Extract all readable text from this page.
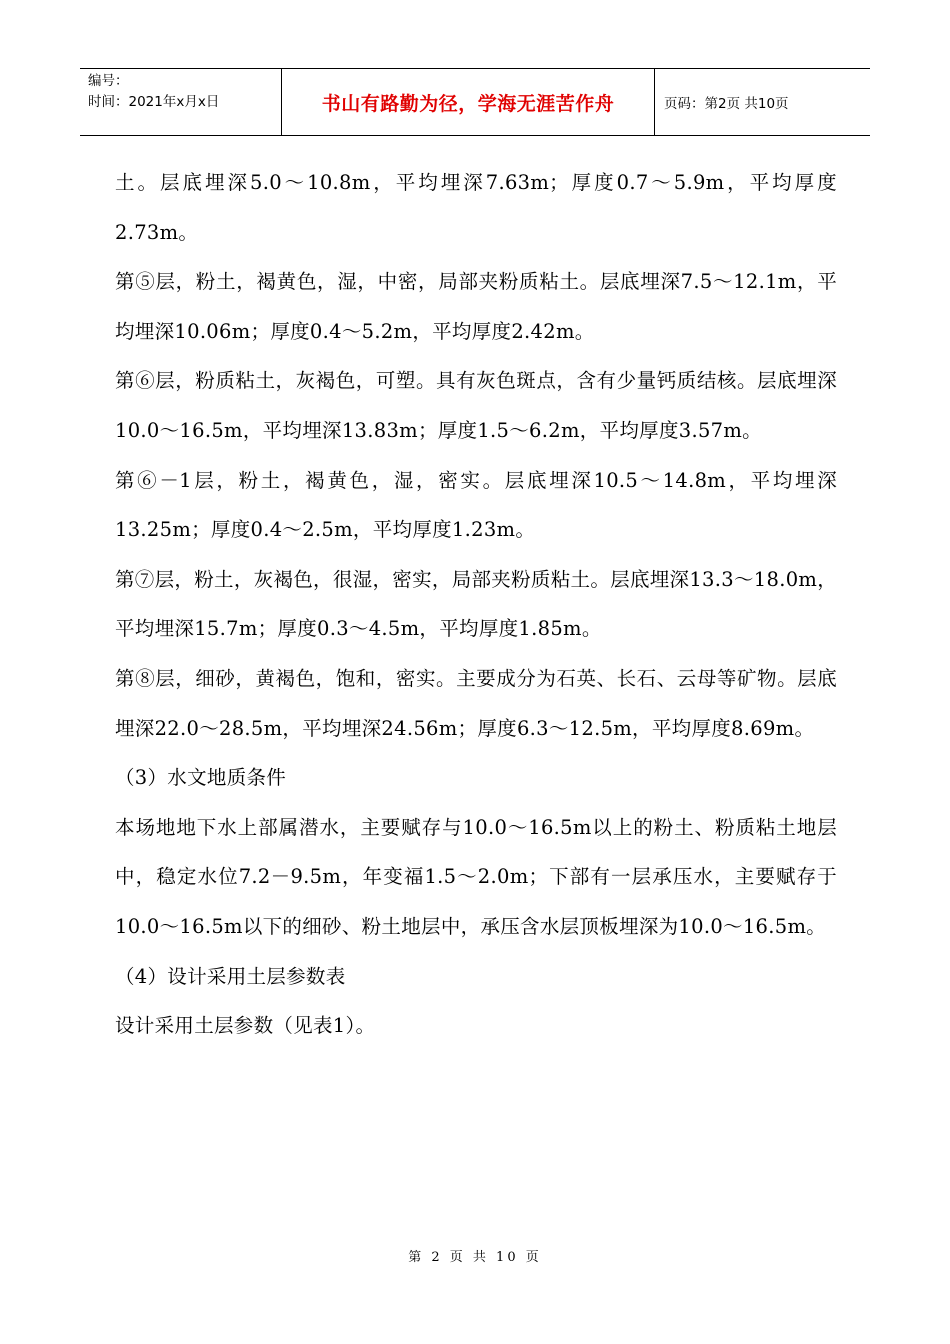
编号：
时间：2021年x月x日	书山有路勤为径，学海无涯苦作舟	页码：第2页 共10页

土。层底埋深5.0～10.8m，平均埋深7.63m；厚度0.7～5.9m，平均厚度2.73m。

第⑤层，粉土，褐黄色，湿，中密，局部夹粉质粘土。层底埋深7.5～12.1m，平均埋深10.06m；厚度0.4～5.2m，平均厚度2.42m。

第⑥层，粉质粘土，灰褐色，可塑。具有灰色斑点，含有少量钙质结核。层底埋深10.0～16.5m，平均埋深13.83m；厚度1.5～6.2m，平均厚度3.57m。

第⑥－1层，粉土，褐黄色，湿，密实。层底埋深10.5～14.8m，平均埋深13.25m；厚度0.4～2.5m，平均厚度1.23m。

第⑦层，粉土，灰褐色，很湿，密实，局部夹粉质粘土。层底埋深13.3～18.0m，平均埋深15.7m；厚度0.3～4.5m，平均厚度1.85m。

第⑧层，细砂，黄褐色，饱和，密实。主要成分为石英、长石、云母等矿物。层底埋深22.0～28.5m，平均埋深24.56m；厚度6.3～12.5m，平均厚度8.69m。

（3）水文地质条件

本场地地下水上部属潜水，主要赋存与10.0～16.5m以上的粉土、粉质粘土地层中，稳定水位7.2－9.5m，年变福1.5～2.0m；下部有一层承压水，主要赋存于10.0～16.5m以下的细砂、粉土地层中，承压含水层顶板埋深为10.0～16.5m。

（4）设计采用土层参数表

设计采用土层参数（见表1）。

第 2 页 共 10 页
